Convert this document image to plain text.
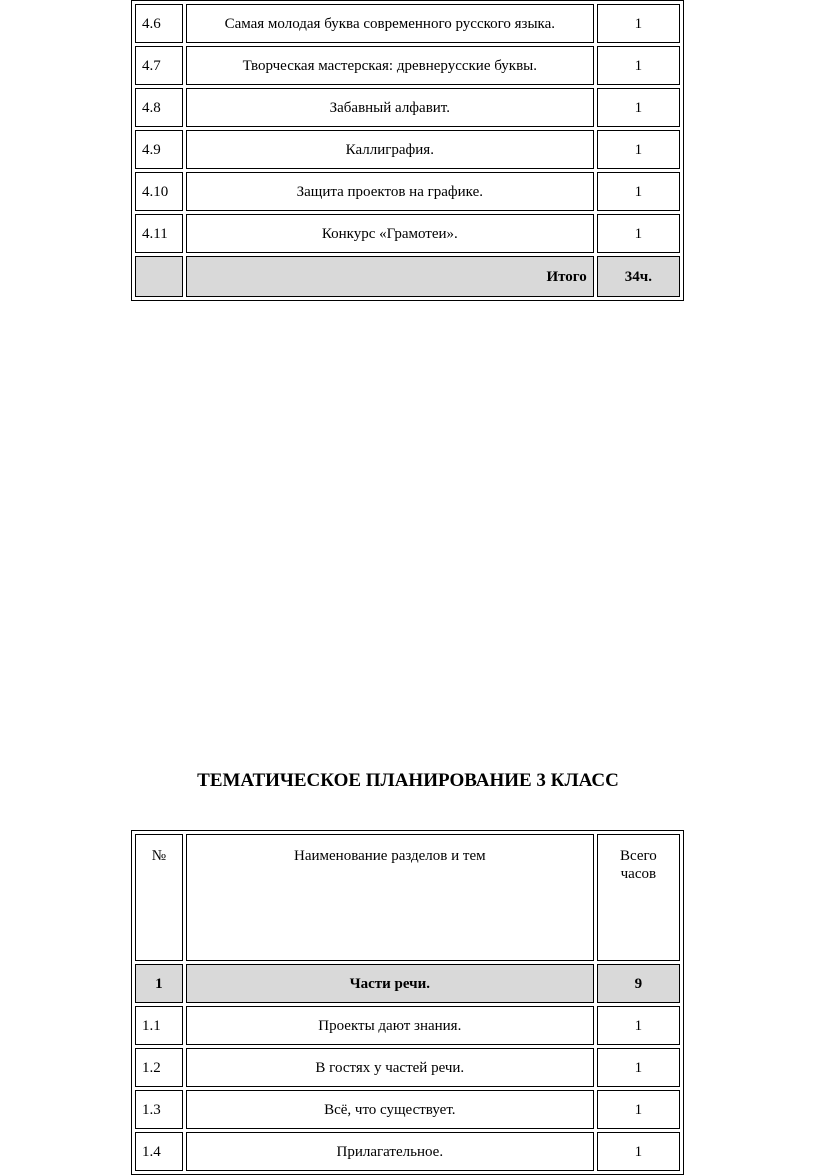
4.6	Самая молодая буква современного русского языка.	1
4.7	Творческая мастерская: древнерусские буквы.	1
4.8	Забавный алфавит.	1
4.9	Каллиграфия.	1
4.10	Защита проектов на графике.	1
4.11	Конкурс «Грамотеи».	1
	Итого	34ч.
ТЕМАТИЧЕСКОЕ ПЛАНИРОВАНИЕ 3 КЛАСС
№	Наименование разделов и тем	Всего часов
1	Части речи.	9
1.1	Проекты дают знания.	1
1.2	В гостях у частей речи.	1
1.3	Всё, что существует.	1
1.4	Прилагательное.	1
